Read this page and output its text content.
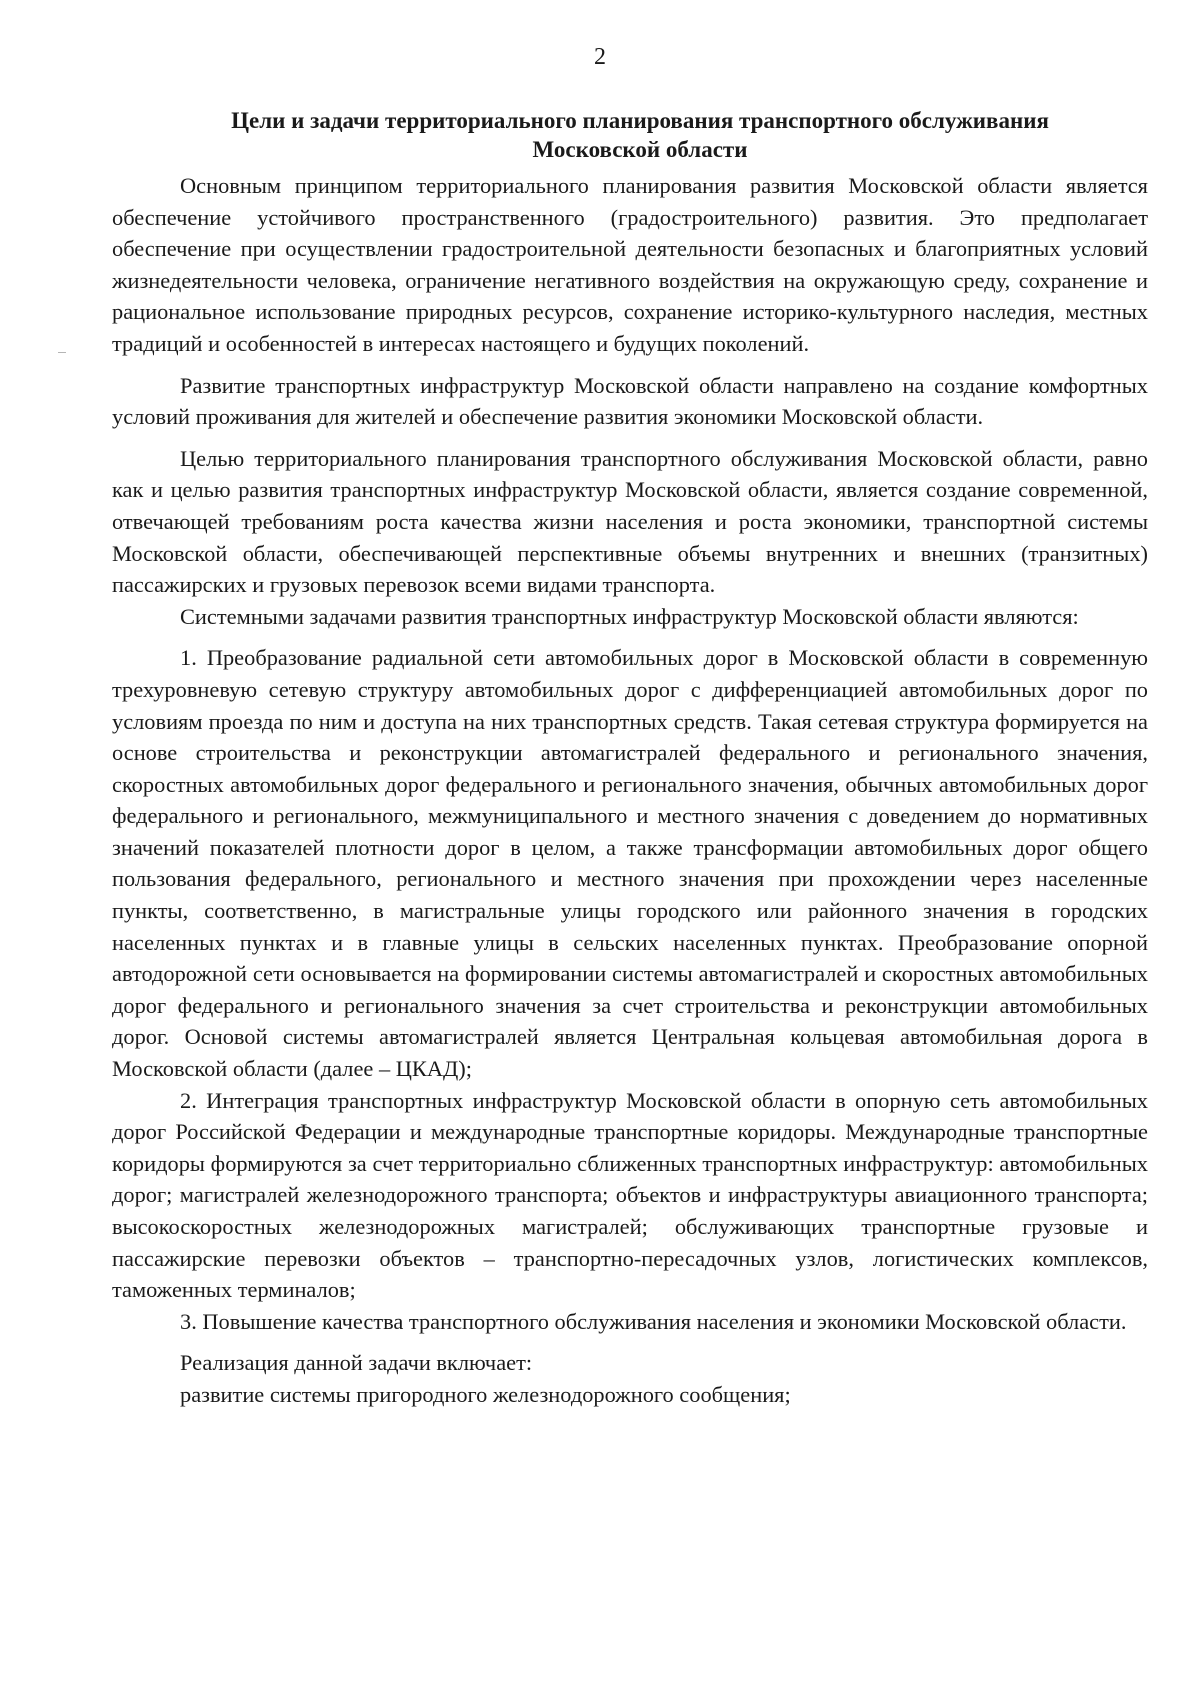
2
Цели и задачи территориального планирования транспортного обслуживания
Московской области

Основным принципом территориального планирования развития Московской области является обеспечение устойчивого пространственного (градостроительного) развития. Это предполагает обеспечение при осуществлении градостроительной деятельности безопасных и благоприятных условий жизнедеятельности человека, ограничение негативного воздействия на окружающую среду, сохранение и рациональное использование природных ресурсов, сохранение историко-культурного наследия, местных традиций и особенностей в интересах настоящего и будущих поколений.

Развитие транспортных инфраструктур Московской области направлено на создание комфортных условий проживания для жителей и обеспечение развития экономики Московской области.

Целью территориального планирования транспортного обслуживания Московской области, равно как и целью развития транспортных инфраструктур Московской области, является создание современной, отвечающей требованиям роста качества жизни населения и роста экономики, транспортной системы Московской области, обеспечивающей перспективные объемы внутренних и внешних (транзитных) пассажирских и грузовых перевозок всеми видами транспорта.

Системными задачами развития транспортных инфраструктур Московской области являются:

1. Преобразование радиальной сети автомобильных дорог в Московской области в современную трехуровневую сетевую структуру автомобильных дорог с дифференциацией автомобильных дорог по условиям проезда по ним и доступа на них транспортных средств. Такая сетевая структура формируется на основе строительства и реконструкции автомагистралей федерального и регионального значения, скоростных автомобильных дорог федерального и регионального значения, обычных автомобильных дорог федерального и регионального, межмуниципального и местного значения с доведением до нормативных значений показателей плотности дорог в целом, а также трансформации автомобильных дорог общего пользования федерального, регионального и местного значения при прохождении через населенные пункты, соответственно, в магистральные улицы городского или районного значения в городских населенных пунктах и в главные улицы в сельских населенных пунктах. Преобразование опорной автодорожной сети основывается на формировании системы автомагистралей и скоростных автомобильных дорог федерального и регионального значения за счет строительства и реконструкции автомобильных дорог. Основой системы автомагистралей является Центральная кольцевая автомобильная дорога в Московской области (далее – ЦКАД);

2. Интеграция транспортных инфраструктур Московской области в опорную сеть автомобильных дорог Российской Федерации и международные транспортные коридоры. Международные транспортные коридоры формируются за счет территориально сближенных транспортных инфраструктур: автомобильных дорог; магистралей железнодорожного транспорта; объектов и инфраструктуры авиационного транспорта; высокоскоростных железнодорожных магистралей; обслуживающих транспортные грузовые и пассажирские перевозки объектов – транспортно-пересадочных узлов, логистических комплексов, таможенных терминалов;

3. Повышение качества транспортного обслуживания населения и экономики Московской области.

Реализация данной задачи включает:

развитие системы пригородного железнодорожного сообщения;
